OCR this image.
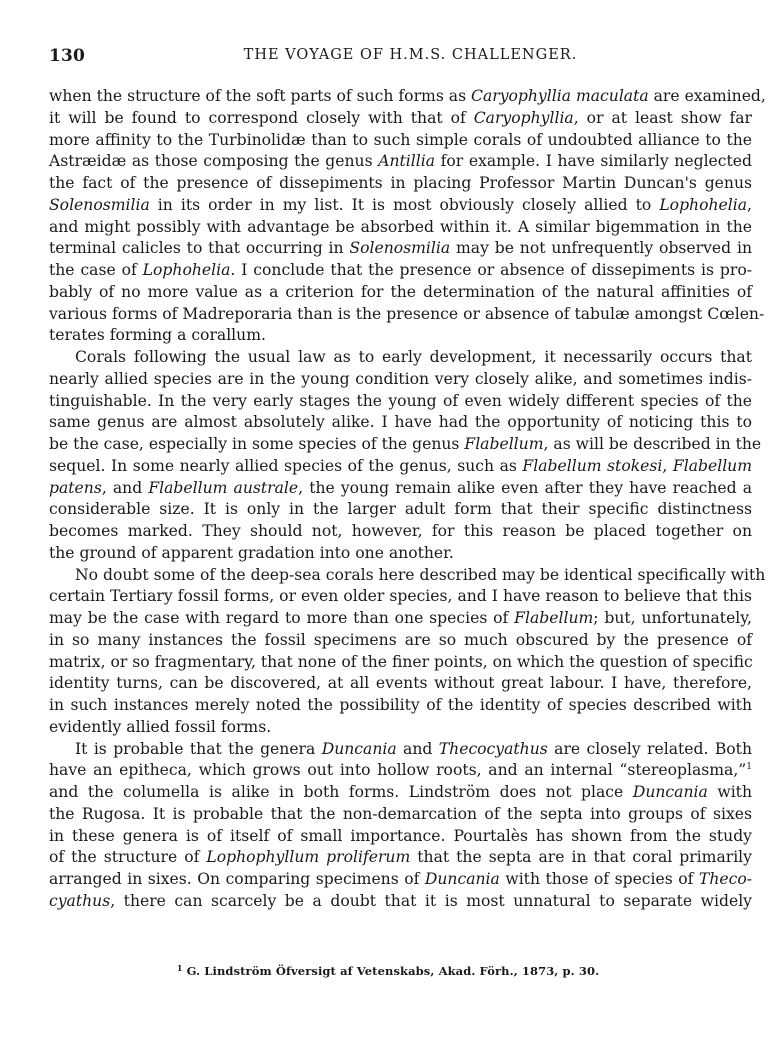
130	THE VOYAGE OF H.M.S. CHALLENGER.
when the structure of the soft parts of such forms as Caryophyllia maculata are examined,
it will be found to correspond closely with that of Caryophyllia, or at least show far
more affinity to the Turbinolidæ than to such simple corals of undoubted alliance to the
Astræidæ as those composing the genus Antillia for example. I have similarly neglected
the fact of the presence of dissepiments in placing Professor Martin Duncan's genus
Solenosmilia in its order in my list. It is most obviously closely allied to Lophohelia,
and might possibly with advantage be absorbed within it. A similar bigemmation in the
terminal calicles to that occurring in Solenosmilia may be not unfrequently observed in
the case of Lophohelia. I conclude that the presence or absence of dissepiments is pro-
bably of no more value as a criterion for the determination of the natural affinities of
various forms of Madreporaria than is the presence or absence of tabulæ amongst Cœlen-
terates forming a corallum.
Corals following the usual law as to early development, it necessarily occurs that
nearly allied species are in the young condition very closely alike, and sometimes indis-
tinguishable. In the very early stages the young of even widely different species of the
same genus are almost absolutely alike. I have had the opportunity of noticing this to
be the case, especially in some species of the genus Flabellum, as will be described in the
sequel. In some nearly allied species of the genus, such as Flabellum stokesi, Flabellum
patens, and Flabellum australe, the young remain alike even after they have reached a
considerable size. It is only in the larger adult form that their specific distinctness
becomes marked. They should not, however, for this reason be placed together on
the ground of apparent gradation into one another.
No doubt some of the deep-sea corals here described may be identical specifically with
certain Tertiary fossil forms, or even older species, and I have reason to believe that this
may be the case with regard to more than one species of Flabellum; but, unfortunately,
in so many instances the fossil specimens are so much obscured by the presence of
matrix, or so fragmentary, that none of the finer points, on which the question of specific
identity turns, can be discovered, at all events without great labour. I have, therefore,
in such instances merely noted the possibility of the identity of species described with
evidently allied fossil forms.
It is probable that the genera Duncania and Thecocyathus are closely related. Both
have an epitheca, which grows out into hollow roots, and an internal “stereoplasma,”$^1$
and the columella is alike in both forms. Lindström does not place Duncania with
the Rugosa. It is probable that the non-demarcation of the septa into groups of sixes
in these genera is of itself of small importance. Pourtalès has shown from the study
of the structure of Lophophyllum proliferum that the septa are in that coral primarily
arranged in sixes. On comparing specimens of Duncania with those of species of Theco-
cyathus, there can scarcely be a doubt that it is most unnatural to separate widely
$^1$ G. Lindström Öfversigt af Vetenskabs, Akad. Förh., 1873, p. 30.
